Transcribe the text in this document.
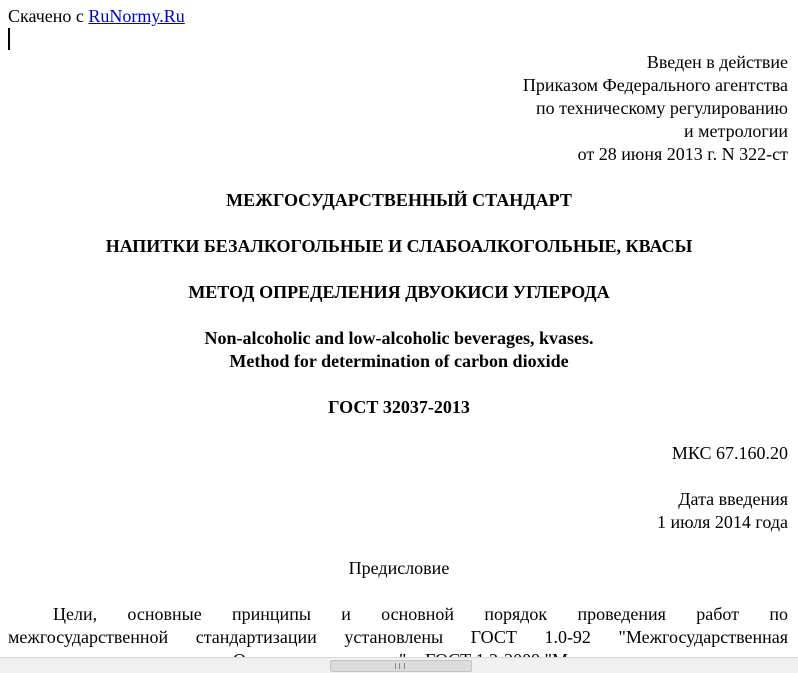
Скачено с RuNormy.Ru
Введен в действие
Приказом Федерального агентства
по техническому регулированию
и метрологии
от 28 июня 2013 г. N 322-ст
МЕЖГОСУДАРСТВЕННЫЙ СТАНДАРТ
НАПИТКИ БЕЗАЛКОГОЛЬНЫЕ И СЛАБОАЛКОГОЛЬНЫЕ, КВАСЫ
МЕТОД ОПРЕДЕЛЕНИЯ ДВУОКИСИ УГЛЕРОДА
Non-alcoholic and low-alcoholic beverages, kvases.
Method for determination of carbon dioxide
ГОСТ 32037-2013
МКС 67.160.20
Дата введения
1 июля 2014 года
Предисловие
Цели, основные принципы и основной порядок проведения работ по
межгосударственной стандартизации установлены ГОСТ 1.0-92 "Межгосударственная
